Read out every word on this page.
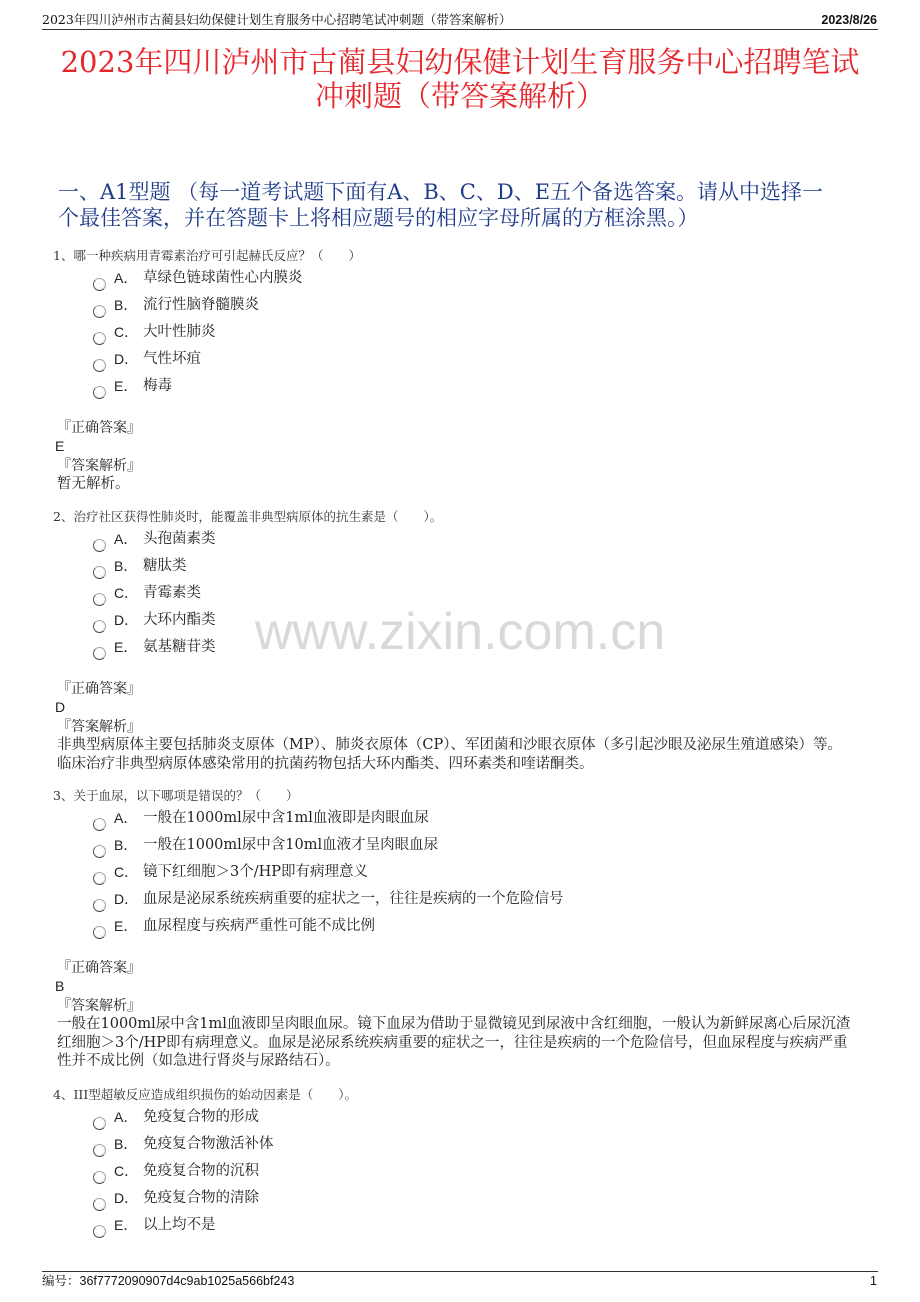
2023年四川泸州市古蔺县妇幼保健计划生育服务中心招聘笔试冲刺题（带答案解析）	2023/8/26
www.zixin.com.cn
2023年四川泸州市古蔺县妇幼保健计划生育服务中心招聘笔试
冲刺题（带答案解析）
一、A1型题 （每一道考试题下面有A、B、C、D、E五个备选答案。请从中选择一
个最佳答案，并在答题卡上将相应题号的相应字母所属的方框涂黑。）
1、哪一种疾病用青霉素治疗可引起赫氏反应？（　　）
A． 草绿色链球菌性心内膜炎
B． 流行性脑脊髓膜炎
C． 大叶性肺炎
D． 气性坏疽
E． 梅毒
『正确答案』
E
『答案解析』
暂无解析。
2、治疗社区获得性肺炎时，能覆盖非典型病原体的抗生素是（　　）。
A． 头孢菌素类
B． 糖肽类
C． 青霉素类
D． 大环内酯类
E． 氨基糖苷类
『正确答案』
D
『答案解析』
非典型病原体主要包括肺炎支原体（MP）、肺炎衣原体（CP）、军团菌和沙眼衣原体（多引起沙眼及泌尿生殖道感染）等。
临床治疗非典型病原体感染常用的抗菌药物包括大环内酯类、四环素类和喹诺酮类。
3、关于血尿，以下哪项是错误的？（　　）
A． 一般在1000ml尿中含1ml血液即是肉眼血尿
B． 一般在1000ml尿中含10ml血液才呈肉眼血尿
C． 镜下红细胞＞3个/HP即有病理意义
D． 血尿是泌尿系统疾病重要的症状之一，往往是疾病的一个危险信号
E． 血尿程度与疾病严重性可能不成比例
『正确答案』
B
『答案解析』
一般在1000ml尿中含1ml血液即呈肉眼血尿。镜下血尿为借助于显微镜见到尿液中含红细胞，一般认为新鲜尿离心后尿沉渣
红细胞＞3个/HP即有病理意义。血尿是泌尿系统疾病重要的症状之一，往往是疾病的一个危险信号，但血尿程度与疾病严重
性并不成比例（如急进行肾炎与尿路结石）。
4、III型超敏反应造成组织损伤的始动因素是（　　）。
A． 免疫复合物的形成
B． 免疫复合物激活补体
C． 免疫复合物的沉积
D． 免疫复合物的清除
E． 以上均不是
编号：36f7772090907d4c9ab1025a566bf243	1
